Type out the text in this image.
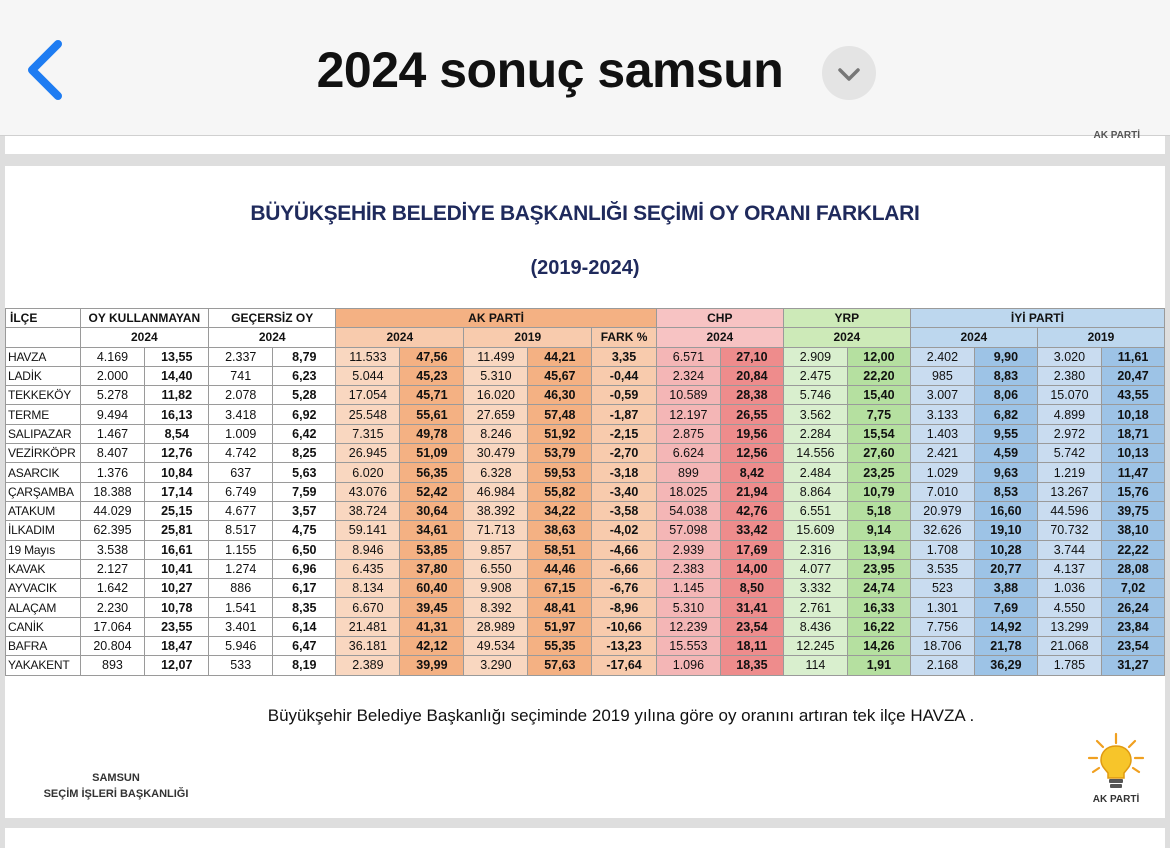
2024 sonuç samsun
AK PARTİ
BÜYÜKŞEHİR BELEDİYE BAŞKANLIĞI SEÇİMİ OY ORANI FARKLARI
(2019-2024)
İLÇE	OY KULLANMAYAN		GEÇERSİZ OY		AK PARTİ					CHP		YRP		İYİ PARTİ			
	2024		2024		2024		2019		FARK %	2024		2024		2024		2019	
HAVZA	4.169	13,55	2.337	8,79	11.533	47,56	11.499	44,21	3,35	6.571	27,10	2.909	12,00	2.402	9,90	3.020	11,61
LADİK	2.000	14,40	741	6,23	5.044	45,23	5.310	45,67	-0,44	2.324	20,84	2.475	22,20	985	8,83	2.380	20,47
TEKKEKÖY	5.278	11,82	2.078	5,28	17.054	45,71	16.020	46,30	-0,59	10.589	28,38	5.746	15,40	3.007	8,06	15.070	43,55
TERME	9.494	16,13	3.418	6,92	25.548	55,61	27.659	57,48	-1,87	12.197	26,55	3.562	7,75	3.133	6,82	4.899	10,18
SALIPAZAR	1.467	8,54	1.009	6,42	7.315	49,78	8.246	51,92	-2,15	2.875	19,56	2.284	15,54	1.403	9,55	2.972	18,71
VEZİRKÖPR	8.407	12,76	4.742	8,25	26.945	51,09	30.479	53,79	-2,70	6.624	12,56	14.556	27,60	2.421	4,59	5.742	10,13
ASARCIK	1.376	10,84	637	5,63	6.020	56,35	6.328	59,53	-3,18	899	8,42	2.484	23,25	1.029	9,63	1.219	11,47
ÇARŞAMBA	18.388	17,14	6.749	7,59	43.076	52,42	46.984	55,82	-3,40	18.025	21,94	8.864	10,79	7.010	8,53	13.267	15,76
ATAKUM	44.029	25,15	4.677	3,57	38.724	30,64	38.392	34,22	-3,58	54.038	42,76	6.551	5,18	20.979	16,60	44.596	39,75
İLKADIM	62.395	25,81	8.517	4,75	59.141	34,61	71.713	38,63	-4,02	57.098	33,42	15.609	9,14	32.626	19,10	70.732	38,10
19 Mayıs	3.538	16,61	1.155	6,50	8.946	53,85	9.857	58,51	-4,66	2.939	17,69	2.316	13,94	1.708	10,28	3.744	22,22
KAVAK	2.127	10,41	1.274	6,96	6.435	37,80	6.550	44,46	-6,66	2.383	14,00	4.077	23,95	3.535	20,77	4.137	28,08
AYVACIK	1.642	10,27	886	6,17	8.134	60,40	9.908	67,15	-6,76	1.145	8,50	3.332	24,74	523	3,88	1.036	7,02
ALAÇAM	2.230	10,78	1.541	8,35	6.670	39,45	8.392	48,41	-8,96	5.310	31,41	2.761	16,33	1.301	7,69	4.550	26,24
CANİK	17.064	23,55	3.401	6,14	21.481	41,31	28.989	51,97	-10,66	12.239	23,54	8.436	16,22	7.756	14,92	13.299	23,84
BAFRA	20.804	18,47	5.946	6,47	36.181	42,12	49.534	55,35	-13,23	15.553	18,11	12.245	14,26	18.706	21,78	21.068	23,54
YAKAKENT	893	12,07	533	8,19	2.389	39,99	3.290	57,63	-17,64	1.096	18,35	114	1,91	2.168	36,29	1.785	31,27
Büyükşehir Belediye Başkanlığı seçiminde 2019 yılına göre oy oranını artıran tek ilçe HAVZA .
SAMSUN
SEÇİM İŞLERİ BAŞKANLIĞI	AK PARTİ
